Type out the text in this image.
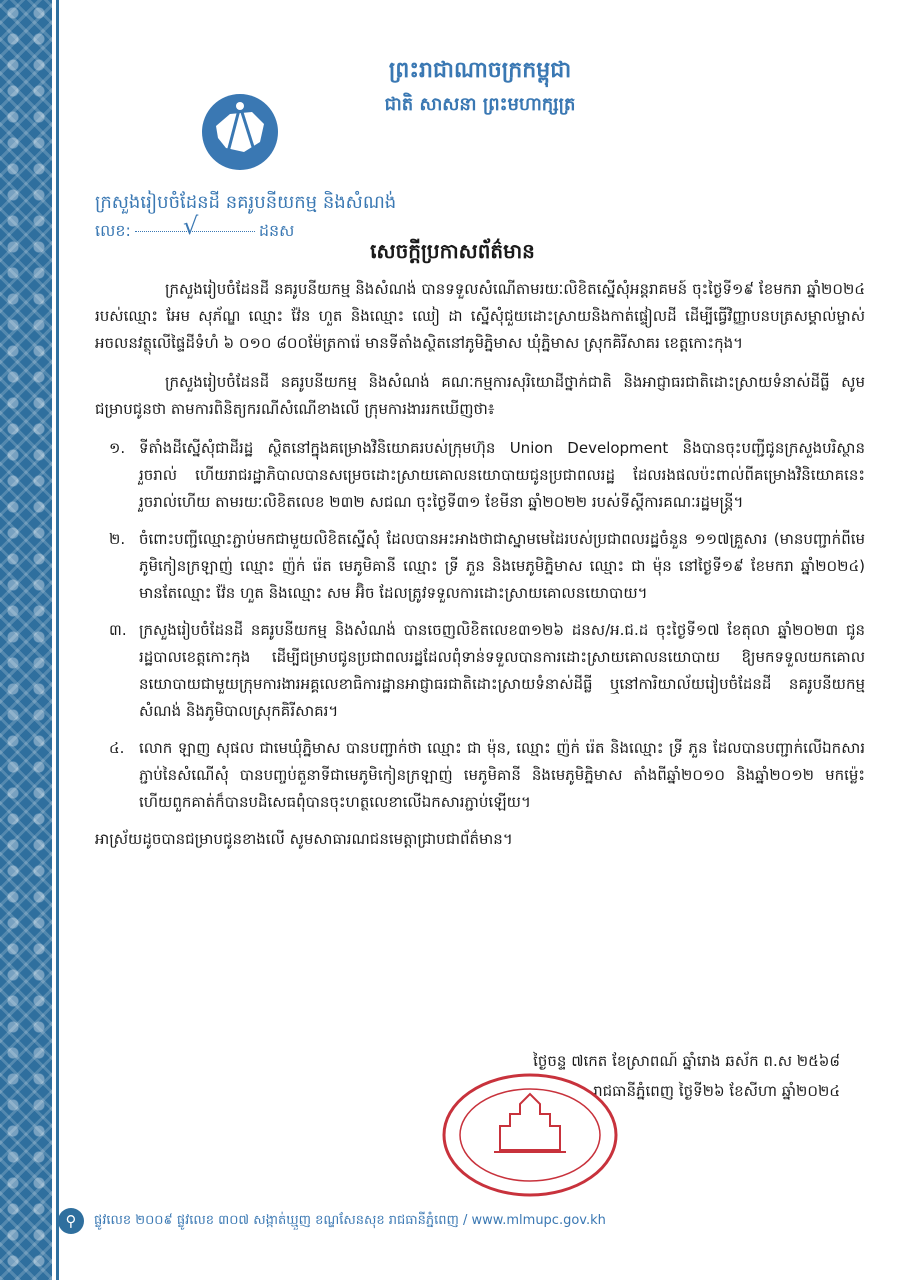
ព្រះរាជាណាចក្រកម្ពុជា
ជាតិ សាសនា ព្រះមហាក្សត្រ
ក្រសួងរៀបចំដែនដី នគរូបនីយកម្ម និងសំណង់
លេខ:	ដនស
√
សេចក្តីប្រកាសព័ត៌មាន

ក្រសួងរៀបចំដែនដី នគរូបនីយកម្ម និងសំណង់ បានទទួលសំណើតាមរយៈលិខិតស្នើសុំអន្តរាគមន៍ ចុះថ្ងៃទី១៩ ខែមករា ឆ្នាំ២០២៤ របស់ឈ្មោះ អែម សុភ័ណ្ឌ ឈ្មោះ វ៉ែន ហួត និងឈ្មោះ ឈៀ ដា ស្នើសុំជួយដោះស្រាយនិងកាត់ផ្ទៀលដី ដើម្បីធ្វើវិញ្ញាបនបត្រសម្គាល់ម្ចាស់អចលនវត្ថុលើផ្ទៃដីទំហំ ៦ ០១០ ៨០០ម៉ែត្រការ៉េ មានទីតាំងស្ថិតនៅភូមិភ្និមាស ឃុំភ្និមាស ស្រុកគិរីសាគរ ខេត្តកោះកុង។

ក្រសួងរៀបចំដែនដី នគរូបនីយកម្ម និងសំណង់ គណៈកម្មការសុរិយោដីថ្នាក់ជាតិ និងអាជ្ញាធរជាតិដោះស្រាយទំនាស់ដីធ្លី សូមជម្រាបជូនថា តាមការពិនិត្យករណីសំណើខាងលើ ក្រុមការងាររកឃើញថា៖

១. ទីតាំងដីស្នើសុំជាដីរដ្ឋ ស្ថិតនៅក្នុងគម្រោងវិនិយោគរបស់ក្រុមហ៊ុន Union Development និងបានចុះបញ្ជីជូនក្រសួងបរិស្ថានរួចរាល់ ហើយរាជរដ្ឋាភិបាលបានសម្រេចដោះស្រាយគោលនយោបាយជូនប្រជាពលរដ្ឋ ដែលរងផលប៉ះពាល់ពីគម្រោងវិនិយោគនេះរួចរាល់ហើយ តាមរយៈលិខិតលេខ ២៣២ សជណ ចុះថ្ងៃទី៣១ ខែមីនា ឆ្នាំ២០២២ របស់ទីស្តីការគណៈរដ្ឋមន្ត្រី។
២. ចំពោះបញ្ជីឈ្មោះភ្ជាប់មកជាមួយលិខិតស្នើសុំ ដែលបានអះអាងថាជាស្នាមមេដៃរបស់ប្រជាពលរដ្ឋចំនួន ១១៧គ្រួសារ (មានបញ្ជាក់ពីមេភូមិកៀនក្រឡាញ់ ឈ្មោះ ញ៉ក់ រ៉េត មេភូមិគានី ឈ្មោះ ទ្រី ភួន និងមេភូមិភ្និមាស ឈ្មោះ ជា ម៉ុន នៅថ្ងៃទី១៩ ខែមករា ឆ្នាំ២០២៤) មានតែឈ្មោះ វ៉ែន ហួត និងឈ្មោះ សម អ៊ិច ដែលត្រូវទទួលការដោះស្រាយគោលនយោបាយ។
៣. ក្រសួងរៀបចំដែនដី នគរូបនីយកម្ម និងសំណង់ បានចេញលិខិតលេខ៣១២៦ ដនស/អ.ជ.ដ ចុះថ្ងៃទី១៧ ខែតុលា ឆ្នាំ២០២៣ ជូនរដ្ឋបាលខេត្តកោះកុង ដើម្បីជម្រាបជូនប្រជាពលរដ្ឋដែលពុំទាន់ទទួលបានការដោះស្រាយគោលនយោបាយ ឱ្យមកទទួលយកគោលនយោបាយជាមួយក្រុមការងារអគ្គលេខាធិការដ្ឋានអាជ្ញាធរជាតិដោះស្រាយទំនាស់ដីធ្លី ឬនៅការិយាល័យរៀបចំដែនដី នគរូបនីយកម្ម សំណង់ និងភូមិបាលស្រុកគិរីសាគរ។
៤. លោក ឡាញ សុផល ជាមេឃុំភ្និមាស បានបញ្ជាក់ថា ឈ្មោះ ជា ម៉ុន, ឈ្មោះ ញ៉ក់ រ៉េត និងឈ្មោះ ទ្រី ភួន ដែលបានបញ្ជាក់លើឯកសារភ្ជាប់នៃសំណើសុំ បានបញ្ចប់តួនាទីជាមេភូមិកៀនក្រឡាញ់ មេភូមិគានី និងមេភូមិភ្និមាស តាំងពីឆ្នាំ២០១០ និងឆ្នាំ២០១២ មកម្ល៉េះ ហើយពួកគាត់ក៏បានបដិសេធពុំបានចុះហត្ថលេខាលើឯកសារភ្ជាប់ឡើយ។

អាស្រ័យដូចបានជម្រាបជូនខាងលើ សូមសាធារណជនមេត្តាជ្រាបជាព័ត៌មាន។

ថ្ងៃចន្ទ ៧កេត ខែស្រាពណ៍ ឆ្នាំរោង ឆស័ក ព.ស ២៥៦៨
រាជធានីភ្នំពេញ ថ្ងៃទី២៦ ខែសីហា ឆ្នាំ២០២៤
⚲	ផ្លូវលេខ ២០០៩ ផ្លូវលេខ ៣០៧ សង្កាត់ឃ្មួញ ខណ្ឌសែនសុខ រាជធានីភ្នំពេញ / www.mlmupc.gov.kh
